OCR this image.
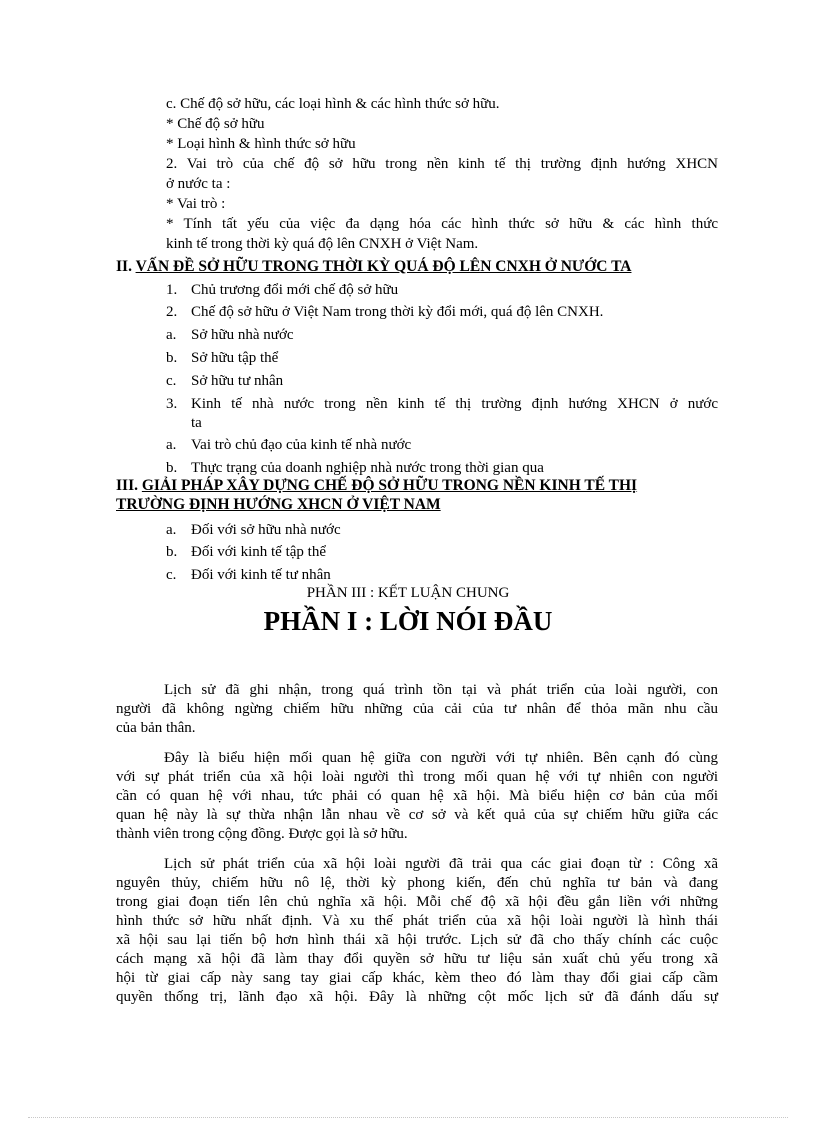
c. Chế độ sở hữu, các loại hình & các hình thức sở hữu.
* Chế độ sở hữu
* Loại hình & hình thức sở hữu
2. Vai trò của chế độ sở hữu trong nền kinh tế thị trường định hướng XHCN
ở nước ta :
* Vai trò :
* Tính tất yếu của việc đa dạng hóa các hình thức sở hữu & các hình thức
kinh tế trong thời kỳ quá độ lên CNXH ở Việt Nam.
II. VẤN ĐỀ SỞ HỮU TRONG THỜI KỲ QUÁ ĐỘ LÊN CNXH Ở NƯỚC TA
1. Chủ trương đổi mới chế độ sở hữu
2. Chế độ sở hữu ở Việt Nam trong thời kỳ đổi mới, quá độ lên CNXH.
a. Sở hữu nhà nước
b. Sở hữu tập thể
c. Sở hữu tư nhân
3. Kinh tế nhà nước trong nền kinh tế thị trường định hướng XHCN ở nước
ta
a. Vai trò chủ đạo của kinh tế nhà nước
b. Thực trạng của doanh nghiệp nhà nước trong thời gian qua
III. GIẢI PHÁP XÂY DỰNG CHẾ ĐỘ SỞ HỮU TRONG NỀN KINH TẾ THỊ
TRƯỜNG ĐỊNH HƯỚNG XHCN Ở VIỆT NAM
a. Đối với sở hữu nhà nước
b. Đối với kinh tế tập thể
c. Đối với kinh tế tư nhân
PHẦN III : KẾT LUẬN CHUNG
PHẦN I : LỜI NÓI ĐẦU
Lịch sử đã ghi nhận, trong quá trình tồn tại và phát triển của loài người, con
người đã không ngừng chiếm hữu những của cải của tư nhân để thỏa mãn nhu cầu
của bản thân.
Đây là biểu hiện mối quan hệ giữa con người với tự nhiên. Bên cạnh đó cùng
với sự phát triển của xã hội loài người thì trong mối quan hệ với tự nhiên con người
cần có quan hệ với nhau, tức phải có quan hệ xã hội. Mà biểu hiện cơ bản của mối
quan hệ này là sự thừa nhận lẫn nhau về cơ sở và kết quả của sự chiếm hữu giữa các
thành viên trong cộng đồng. Được gọi là sở hữu.
Lịch sử phát triển của xã hội loài người đã trải qua các giai đoạn từ : Công xã
nguyên thủy, chiếm hữu nô lệ, thời kỳ phong kiến, đến chủ nghĩa tư bản và đang
trong giai đoạn tiến lên chủ nghĩa xã hội. Mỗi chế độ xã hội đều gắn liền với những
hình thức sở hữu nhất định. Và xu thế phát triển của xã hội loài người là hình thái
xã hội sau lại tiến bộ hơn hình thái xã hội trước. Lịch sử đã cho thấy chính các cuộc
cách mạng xã hội đã làm thay đổi quyền sở hữu tư liệu sản xuất chủ yếu trong xã
hội từ giai cấp này sang tay giai cấp khác, kèm theo đó làm thay đổi giai cấp cầm
quyền thống trị, lãnh đạo xã hội. Đây là những cột mốc lịch sử đã đánh dấu sự
